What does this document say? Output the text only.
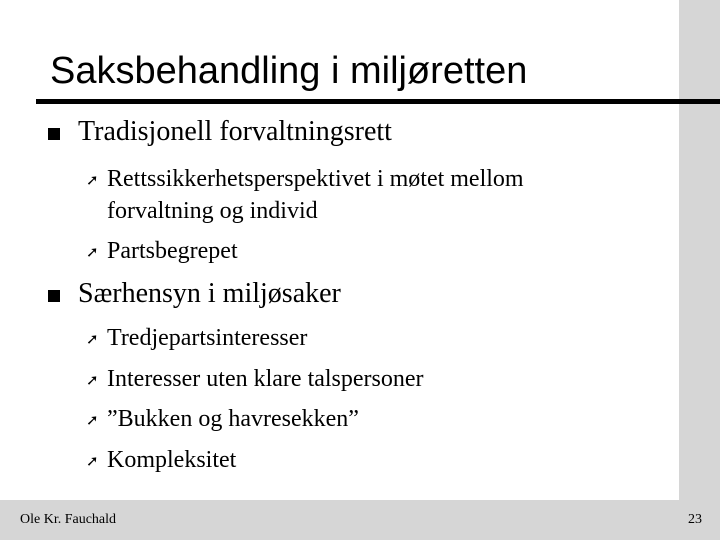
Saksbehandling i miljøretten
Tradisjonell forvaltningsrett
➚ Rettssikkerhetsperspektivet i møtet mellom
forvaltning og individ
➚ Partsbegrepet
Særhensyn i miljøsaker
➚ Tredjepartsinteresser
➚ Interesser uten klare talspersoner
➚ ”Bukken og havresekken”
➚ Kompleksitet
Ole Kr. Fauchald	23
